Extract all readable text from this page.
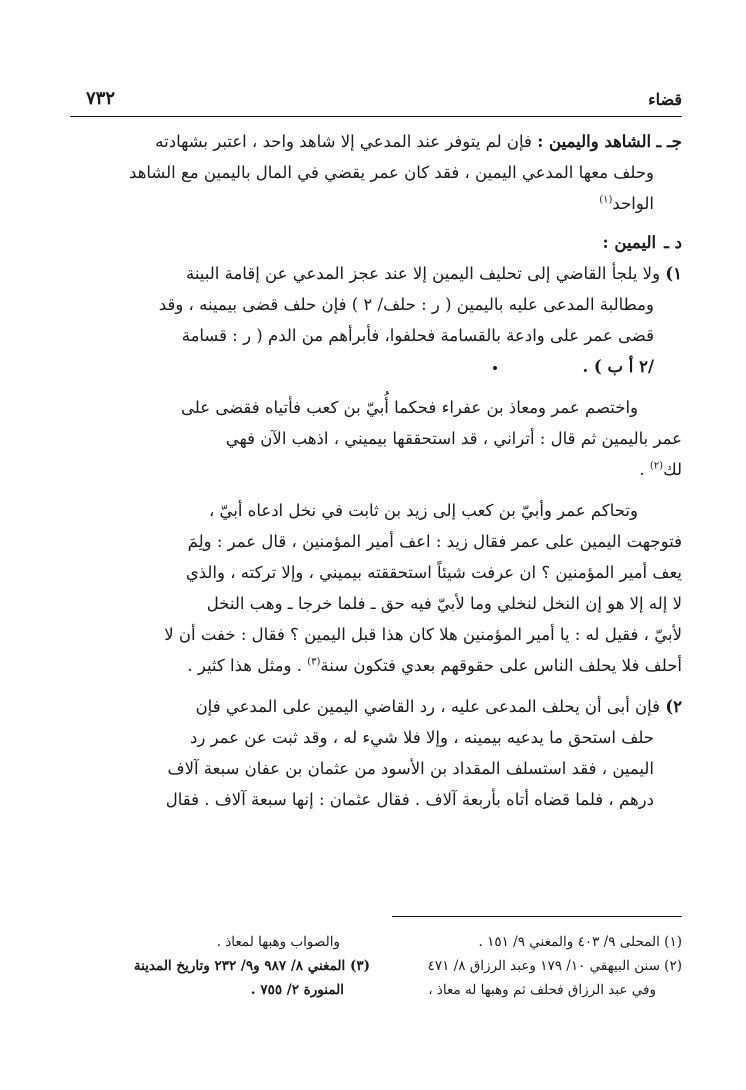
قضاء
٧٣٢
جـ ـ الشاهد واليمين : فإن لم يتوفر عند المدعي إلا شاهد واحد ، اعتبر بشهادته
وحلف معها المدعي اليمين ، فقد كان عمر يقضي في المال باليمين مع الشاهد
الواحد$^{(١)}$
د ـ
اليمين :
١) ولا يلجأ القاضي إلى تحليف اليمين إلا عند عجز المدعي عن إقامة البينة
ومطالبة المدعى عليه باليمين ( ر : حلف/ ٢ ) فإن حلف قضى بيمينه ، وقد
قضى عمر على وادعة بالقسامة فحلفوا، فأبرأهم من الدم ( ر : قسامة
/٢ أ ب ) .
واختصم عمر ومعاذ بن عفراء فحكما أُبيّ بن كعب فأتياه فقضى على
عمر باليمين ثم قال : أتراني ، قد استحققها بيميني ، اذهب الآن فهي
لك$^{(٢)}$ .
وتحاكم عمر وأبيّ بن كعب إلى زيد بن ثابت في نخل ادعاه أبيّ ،
فتوجهت اليمين على عمر فقال زيد : اعف أمير المؤمنين ، قال عمر : ولِمَ
يعف أمير المؤمنين ؟ ان عرفت شيئاً استحققته بيميني ، وإلا تركته ، والذي
لا إله إلا هو إن النخل لنخلي وما لأبيّ فيه حق ـ فلما خرجا ـ وهب النخل
لأبيّ ، فقيل له : يا أمير المؤمنين هلا كان هذا قبل اليمين ؟ فقال : خفت أن لا
أحلف فلا يحلف الناس على حقوقهم بعدي فتكون سنة$^{(٣)}$ . ومثل هذا كثير .
٢) فإن أبى أن يحلف المدعى عليه ، رد القاضي اليمين على المدعي فإن
حلف استحق ما يدعيه بيمينه ، وإلا فلا شيء له ، وقد ثبت عن عمر رد
اليمين ، فقد استسلف المقداد بن الأسود من عثمان بن عفان سبعة آلاف
درهم ، فلما قضاه أتاه بأربعة آلاف . فقال عثمان : إنها سبعة آلاف . فقال
(١) المحلى ٩/ ٤٠٣ والمغني ٩/ ١٥١ .
(٢) سنن البيهقي ١٠/ ١٧٩ وعبد الرزاق ٨/ ٤٧١
وفي عبد الرزاق فحلف ثم وهبها له معاذ ،
والصواب وهبها لمعاذ .
(٣) المغني ٨/ ٩٨٧ و٩/ ٢٣٢ وتاريخ المدينة
المنورة ٢/ ٧٥٥ .
